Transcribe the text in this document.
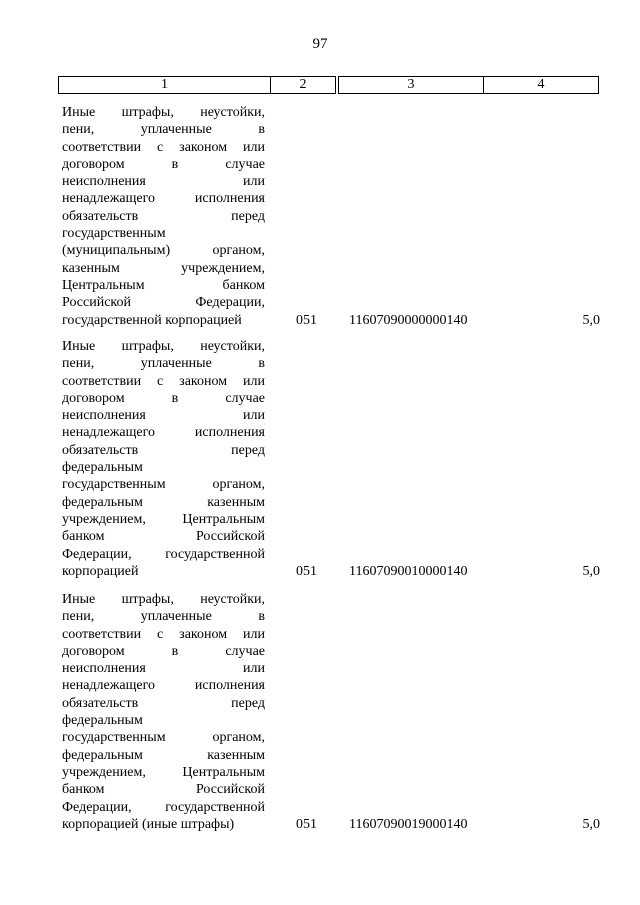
97
1	2		3	4
Иные штрафы, неустойки,
пени, уплаченные в
соответствии с законом или
договором в случае
неисполнения или
ненадлежащего исполнения
обязательств перед
государственным
(муниципальным) органом,
казенным учреждением,
Центральным банком
Российской Федерации,
государственной корпорацией	051 11607090000000140	5,0
Иные штрафы, неустойки,
пени, уплаченные в
соответствии с законом или
договором в случае
неисполнения или
ненадлежащего исполнения
обязательств перед
федеральным
государственным органом,
федеральным казенным
учреждением, Центральным
банком Российской
Федерации, государственной
корпорацией	051 11607090010000140	5,0
Иные штрафы, неустойки,
пени, уплаченные в
соответствии с законом или
договором в случае
неисполнения или
ненадлежащего исполнения
обязательств перед
федеральным
государственным органом,
федеральным казенным
учреждением, Центральным
банком Российской
Федерации, государственной
корпорацией (иные штрафы)	051 11607090019000140	5,0
